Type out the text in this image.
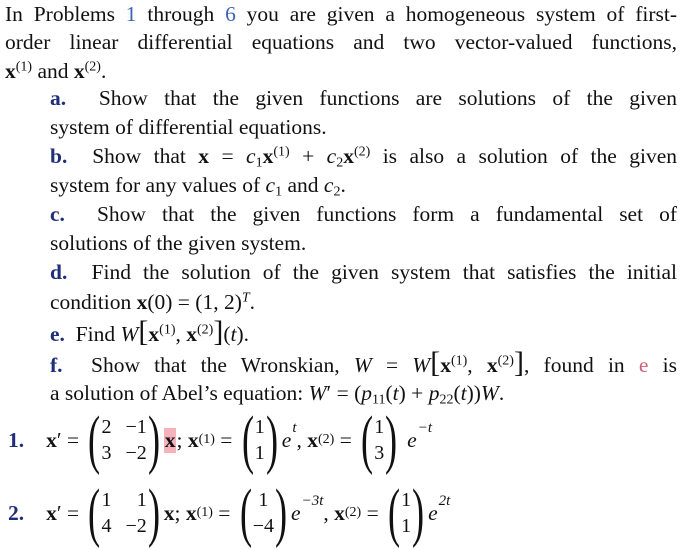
In Problems 1 through 6 you are given a homogeneous system of first-
order linear differential equations and two vector-valued functions,
$x^{(1)}$ and $x^{(2)}$.
a. Show that the given functions are solutions of the given
system of differential equations.
b. Show that $x = c_1x^{(1)} + c_2x^{(2)}$ is also a solution of the given
system for any values of $c_1$ and $c_2$.
c. Show that the given functions form a fundamental set of
solutions of the given system.
d. Find the solution of the given system that satisfies the initial
condition x(0) = (1, 2)$^T$.
e. Find $W[x^{(1)}$, $x^{(2)}](t)$.
f. Show that the Wronskian, $W = W[x^{(1)}$, $x^{(2)}$], found in e is
a solution of Abel’s equation: $W' = (p_{11}(t) + p_{22}(t))W$.
1. x ′ = ( 2 −1
3 −2 ) x ; x (1) = ( 1
1 ) e t , x (2) = ( 1
3 ) e −t
2. x ′ = ( 1	1
4 −2 ) x ; x (1) = ( 1
−4 ) e −3t , x (2) = ( 1
1 ) e 2t
